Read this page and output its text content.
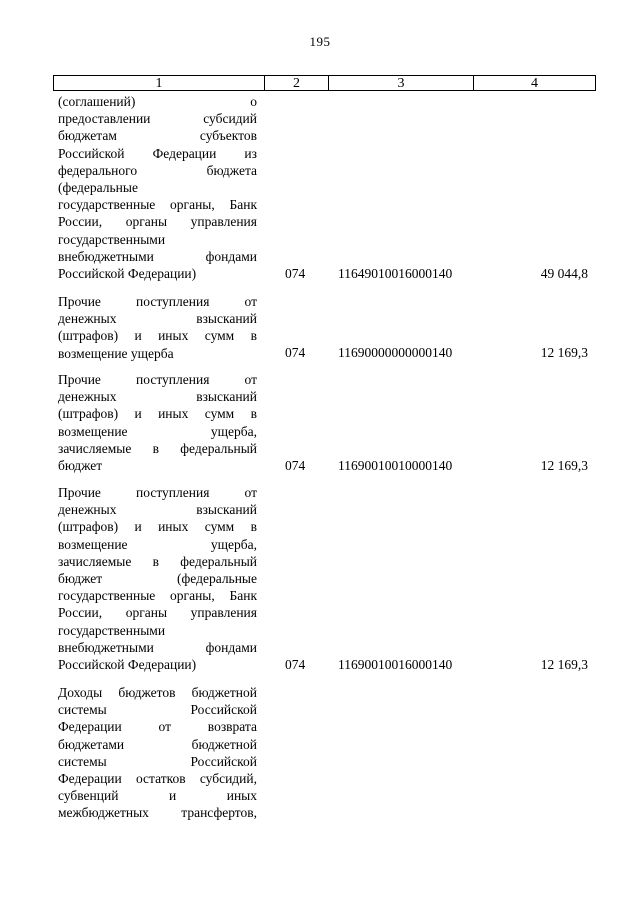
195
1	2	3	4
(соглашений) о
предоставлении субсидий
бюджетам субъектов
Российской Федерации из
федерального бюджета
(федеральные
государственные органы, Банк
России, органы управления
государственными
внебюджетными фондами
Российской Федерации)	074	11649010016000140	49 044,8
Прочие поступления от
денежных взысканий
(штрафов) и иных сумм в
возмещение ущерба	074	11690000000000140	12 169,3
Прочие поступления от
денежных взысканий
(штрафов) и иных сумм в
возмещение ущерба,
зачисляемые в федеральный
бюджет	074	11690010010000140	12 169,3
Прочие поступления от
денежных взысканий
(штрафов) и иных сумм в
возмещение ущерба,
зачисляемые в федеральный
бюджет (федеральные
государственные органы, Банк
России, органы управления
государственными
внебюджетными фондами
Российской Федерации)	074	11690010016000140	12 169,3
Доходы бюджетов бюджетной
системы Российской
Федерации от возврата
бюджетами бюджетной
системы Российской
Федерации остатков субсидий,
субвенций и иных
межбюджетных трансфертов,
